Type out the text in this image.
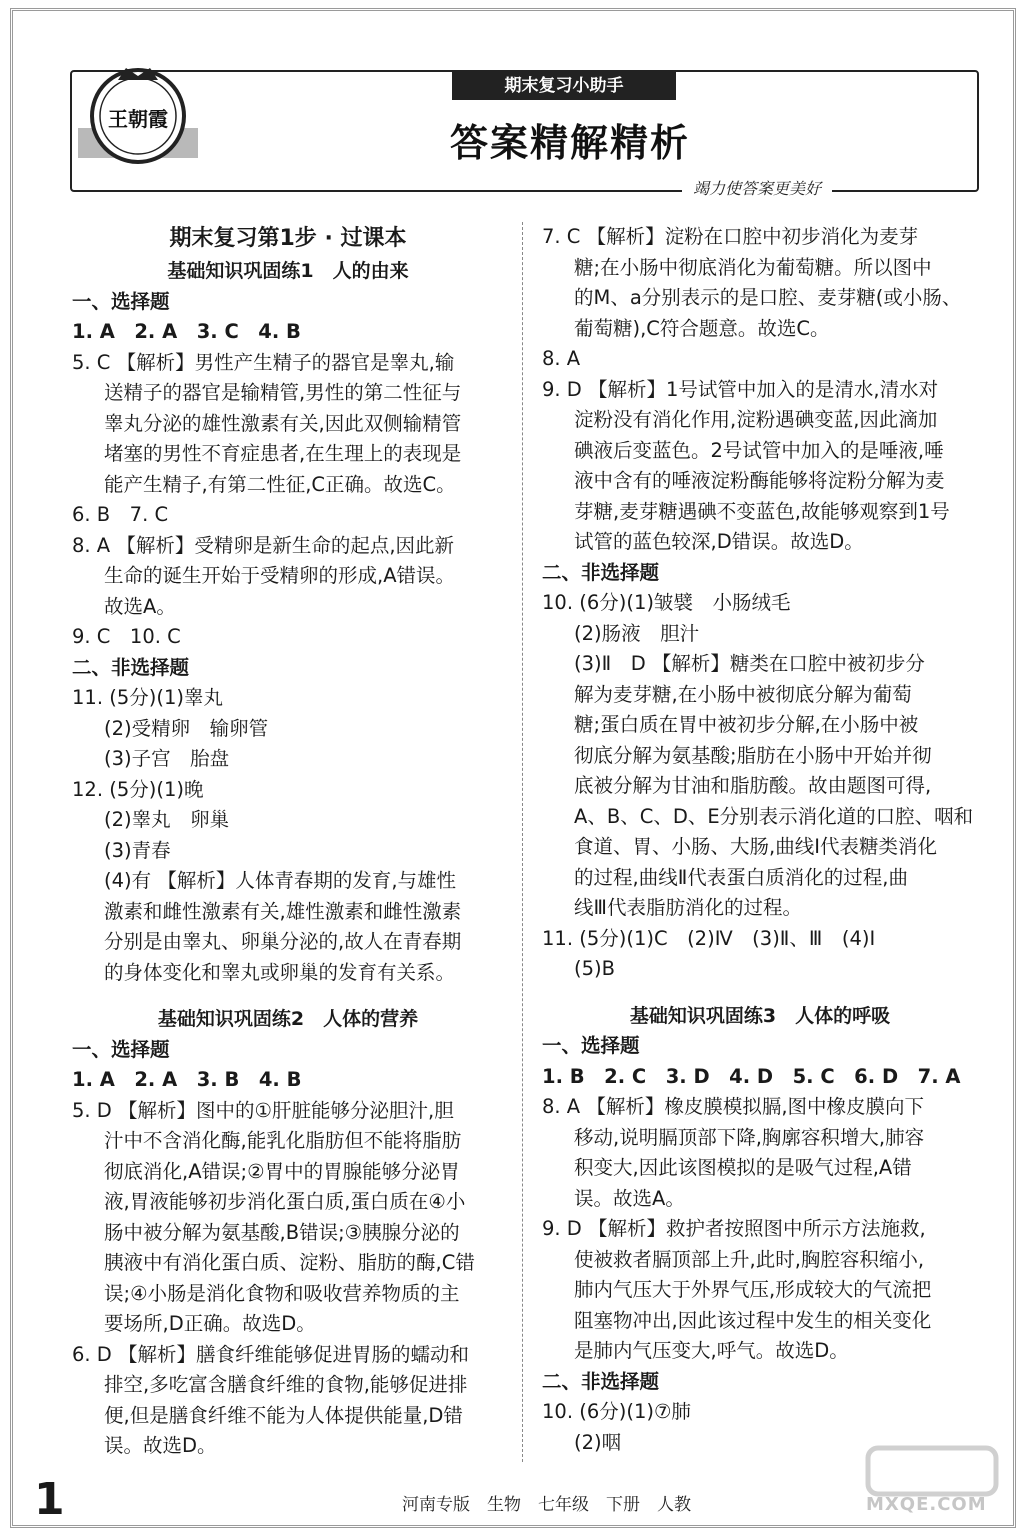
王朝霞
期末复习小助手
答案精解精析
竭力使答案更美好
期末复习第1步 · 过课本
基础知识巩固练1　人的由来
一、选择题
1. A　2. A　3. C　4. B
5. C 【解析】男性产生精子的器官是睾丸,输
送精子的器官是输精管,男性的第二性征与
睾丸分泌的雄性激素有关,因此双侧输精管
堵塞的男性不育症患者,在生理上的表现是
能产生精子,有第二性征,C正确。故选C。
6. B　7. C
8. A 【解析】受精卵是新生命的起点,因此新
生命的诞生开始于受精卵的形成,A错误。
故选A。
9. C　10. C
二、非选择题
11. (5分)(1)睾丸
(2)受精卵　输卵管
(3)子宫　胎盘
12. (5分)(1)晚
(2)睾丸　卵巢
(3)青春
(4)有 【解析】人体青春期的发育,与雄性
激素和雌性激素有关,雄性激素和雌性激素
分别是由睾丸、卵巢分泌的,故人在青春期
的身体变化和睾丸或卵巢的发育有关系。
基础知识巩固练2　人体的营养
一、选择题
1. A　2. A　3. B　4. B
5. D 【解析】图中的①肝脏能够分泌胆汁,胆
汁中不含消化酶,能乳化脂肪但不能将脂肪
彻底消化,A错误;②胃中的胃腺能够分泌胃
液,胃液能够初步消化蛋白质,蛋白质在④小
肠中被分解为氨基酸,B错误;③胰腺分泌的
胰液中有消化蛋白质、淀粉、脂肪的酶,C错
误;④小肠是消化食物和吸收营养物质的主
要场所,D正确。故选D。
6. D 【解析】膳食纤维能够促进胃肠的蠕动和
排空,多吃富含膳食纤维的食物,能够促进排
便,但是膳食纤维不能为人体提供能量,D错
误。故选D。
7. C 【解析】淀粉在口腔中初步消化为麦芽
糖;在小肠中彻底消化为葡萄糖。所以图中
的M、a分别表示的是口腔、麦芽糖(或小肠、
葡萄糖),C符合题意。故选C。
8. A
9. D 【解析】1号试管中加入的是清水,清水对
淀粉没有消化作用,淀粉遇碘变蓝,因此滴加
碘液后变蓝色。2号试管中加入的是唾液,唾
液中含有的唾液淀粉酶能够将淀粉分解为麦
芽糖,麦芽糖遇碘不变蓝色,故能够观察到1号
试管的蓝色较深,D错误。故选D。
二、非选择题
10. (6分)(1)皱襞　小肠绒毛
(2)肠液　胆汁
(3)Ⅱ　D 【解析】糖类在口腔中被初步分
解为麦芽糖,在小肠中被彻底分解为葡萄
糖;蛋白质在胃中被初步分解,在小肠中被
彻底分解为氨基酸;脂肪在小肠中开始并彻
底被分解为甘油和脂肪酸。故由题图可得,
A、B、C、D、E分别表示消化道的口腔、咽和
食道、胃、小肠、大肠,曲线Ⅰ代表糖类消化
的过程,曲线Ⅱ代表蛋白质消化的过程,曲
线Ⅲ代表脂肪消化的过程。
11. (5分)(1)C　(2)Ⅳ　(3)Ⅱ、Ⅲ　(4)Ⅰ
(5)B
基础知识巩固练3　人体的呼吸
一、选择题
1. B　2. C　3. D　4. D　5. C　6. D　7. A
8. A 【解析】橡皮膜模拟膈,图中橡皮膜向下
移动,说明膈顶部下降,胸廓容积增大,肺容
积变大,因此该图模拟的是吸气过程,A错
误。故选A。
9. D 【解析】救护者按照图中所示方法施救,
使被救者膈顶部上升,此时,胸腔容积缩小,
肺内气压大于外界气压,形成较大的气流把
阻塞物冲出,因此该过程中发生的相关变化
是肺内气压变大,呼气。故选D。
二、非选择题
10. (6分)(1)⑦肺
(2)咽
1	河南专版　生物　七年级　下册　人教	MXQE.COM
